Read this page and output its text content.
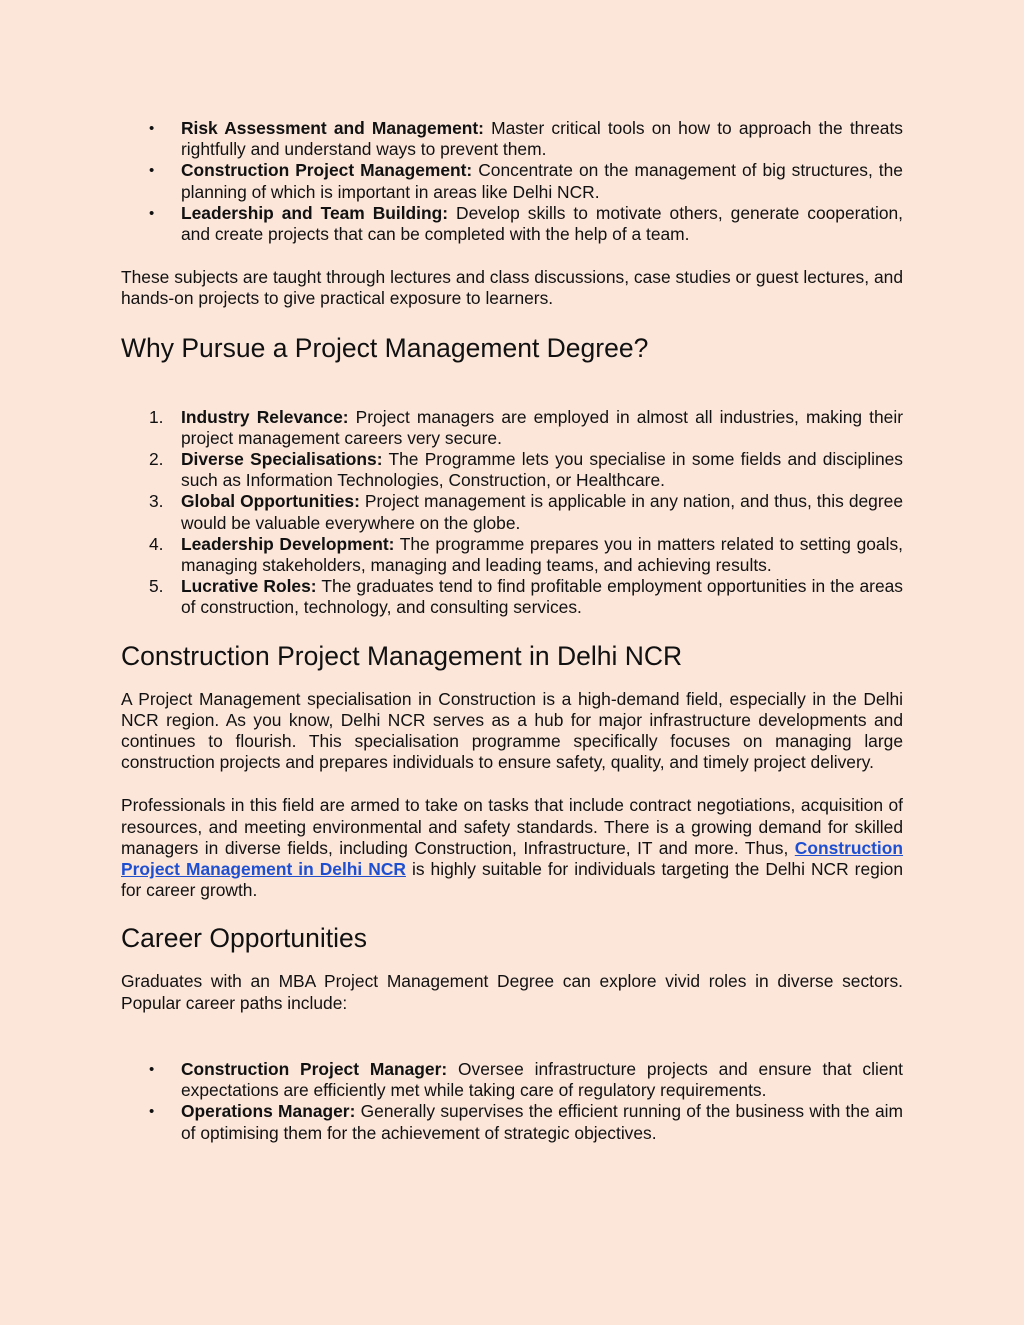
•	Risk Assessment and Management: Master critical tools on how to approach the threats rightfully and understand ways to prevent them.
•	Construction Project Management: Concentrate on the management of big structures, the planning of which is important in areas like Delhi NCR.
•	Leadership and Team Building: Develop skills to motivate others, generate cooperation, and create projects that can be completed with the help of a team.

These subjects are taught through lectures and class discussions, case studies or guest lectures, and hands-on projects to give practical exposure to learners.

Why Pursue a Project Management Degree?
1.	Industry Relevance: Project managers are employed in almost all industries, making their project management careers very secure.
2.	Diverse Specialisations: The Programme lets you specialise in some fields and disciplines such as Information Technologies, Construction, or Healthcare.
3.	Global Opportunities: Project management is applicable in any nation, and thus, this degree would be valuable everywhere on the globe.
4.	Leadership Development: The programme prepares you in matters related to setting goals, managing stakeholders, managing and leading teams, and achieving results.
5.	Lucrative Roles: The graduates tend to find profitable employment opportunities in the areas of construction, technology, and consulting services.
Construction Project Management in Delhi NCR

A Project Management specialisation in Construction is a high-demand field, especially in the Delhi NCR region. As you know, Delhi NCR serves as a hub for major infrastructure developments and continues to flourish. This specialisation programme specifically focuses on managing large construction projects and prepares individuals to ensure safety, quality, and timely project delivery.

Professionals in this field are armed to take on tasks that include contract negotiations, acquisition of resources, and meeting environmental and safety standards. There is a growing demand for skilled managers in diverse fields, including Construction, Infrastructure, IT and more. Thus, Construction Project Management in Delhi NCR is highly suitable for individuals targeting the Delhi NCR region for career growth.

Career Opportunities

Graduates with an MBA Project Management Degree can explore vivid roles in diverse sectors. Popular career paths include:

•	Construction Project Manager: Oversee infrastructure projects and ensure that client expectations are efficiently met while taking care of regulatory requirements.
•	Operations Manager: Generally supervises the efficient running of the business with the aim of optimising them for the achievement of strategic objectives.
